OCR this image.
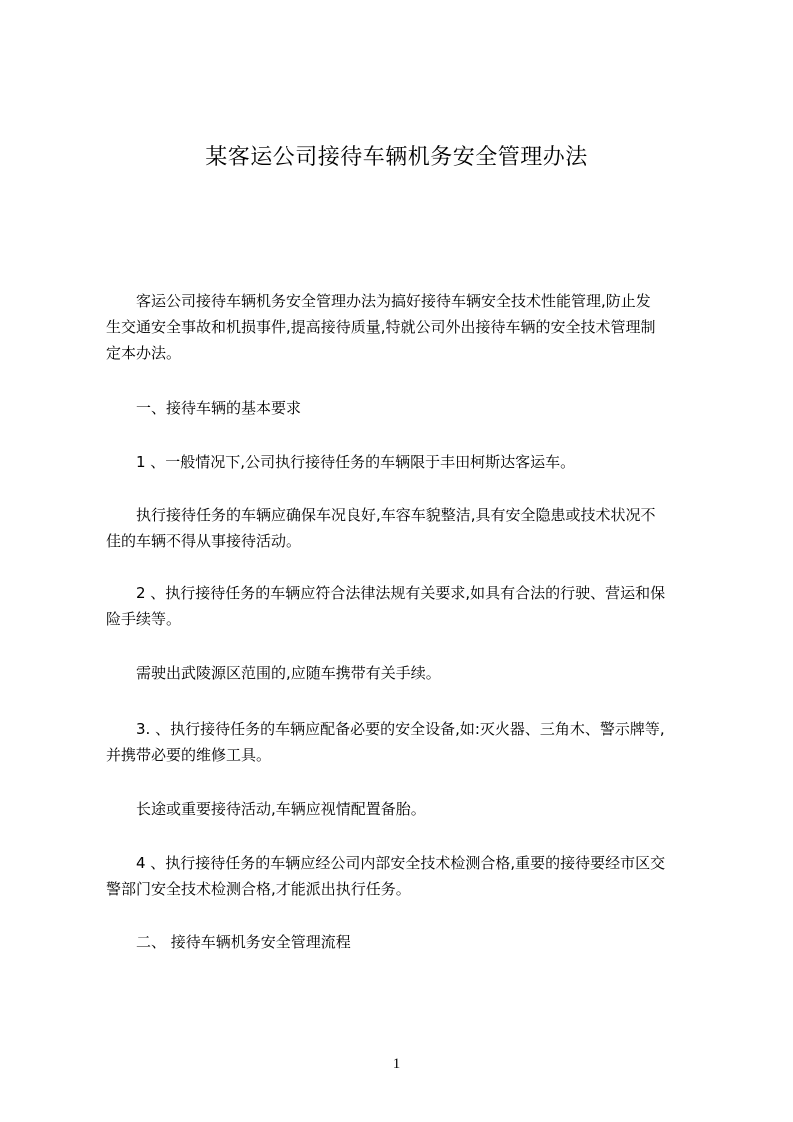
某客运公司接待车辆机务安全管理办法

客运公司接待车辆机务安全管理办法为搞好接待车辆安全技术性能管理,防止发
生交通安全事故和机损事件,提高接待质量,特就公司外出接待车辆的安全技术管理制
定本办法。

一、接待车辆的基本要求

1 、一般情况下,公司执行接待任务的车辆限于丰田柯斯达客运车。

执行接待任务的车辆应确保车况良好,车容车貌整洁,具有安全隐患或技术状况不
佳的车辆不得从事接待活动。

2 、执行接待任务的车辆应符合法律法规有关要求,如具有合法的行驶、营运和保
险手续等。

需驶出武陵源区范围的,应随车携带有关手续。

3. 、执行接待任务的车辆应配备必要的安全设备,如:灭火器、三角木、警示牌等,
并携带必要的维修工具。

长途或重要接待活动,车辆应视情配置备胎。

4 、执行接待任务的车辆应经公司内部安全技术检测合格,重要的接待要经市区交
警部门安全技术检测合格,才能派出执行任务。

二、 接待车辆机务安全管理流程

1
